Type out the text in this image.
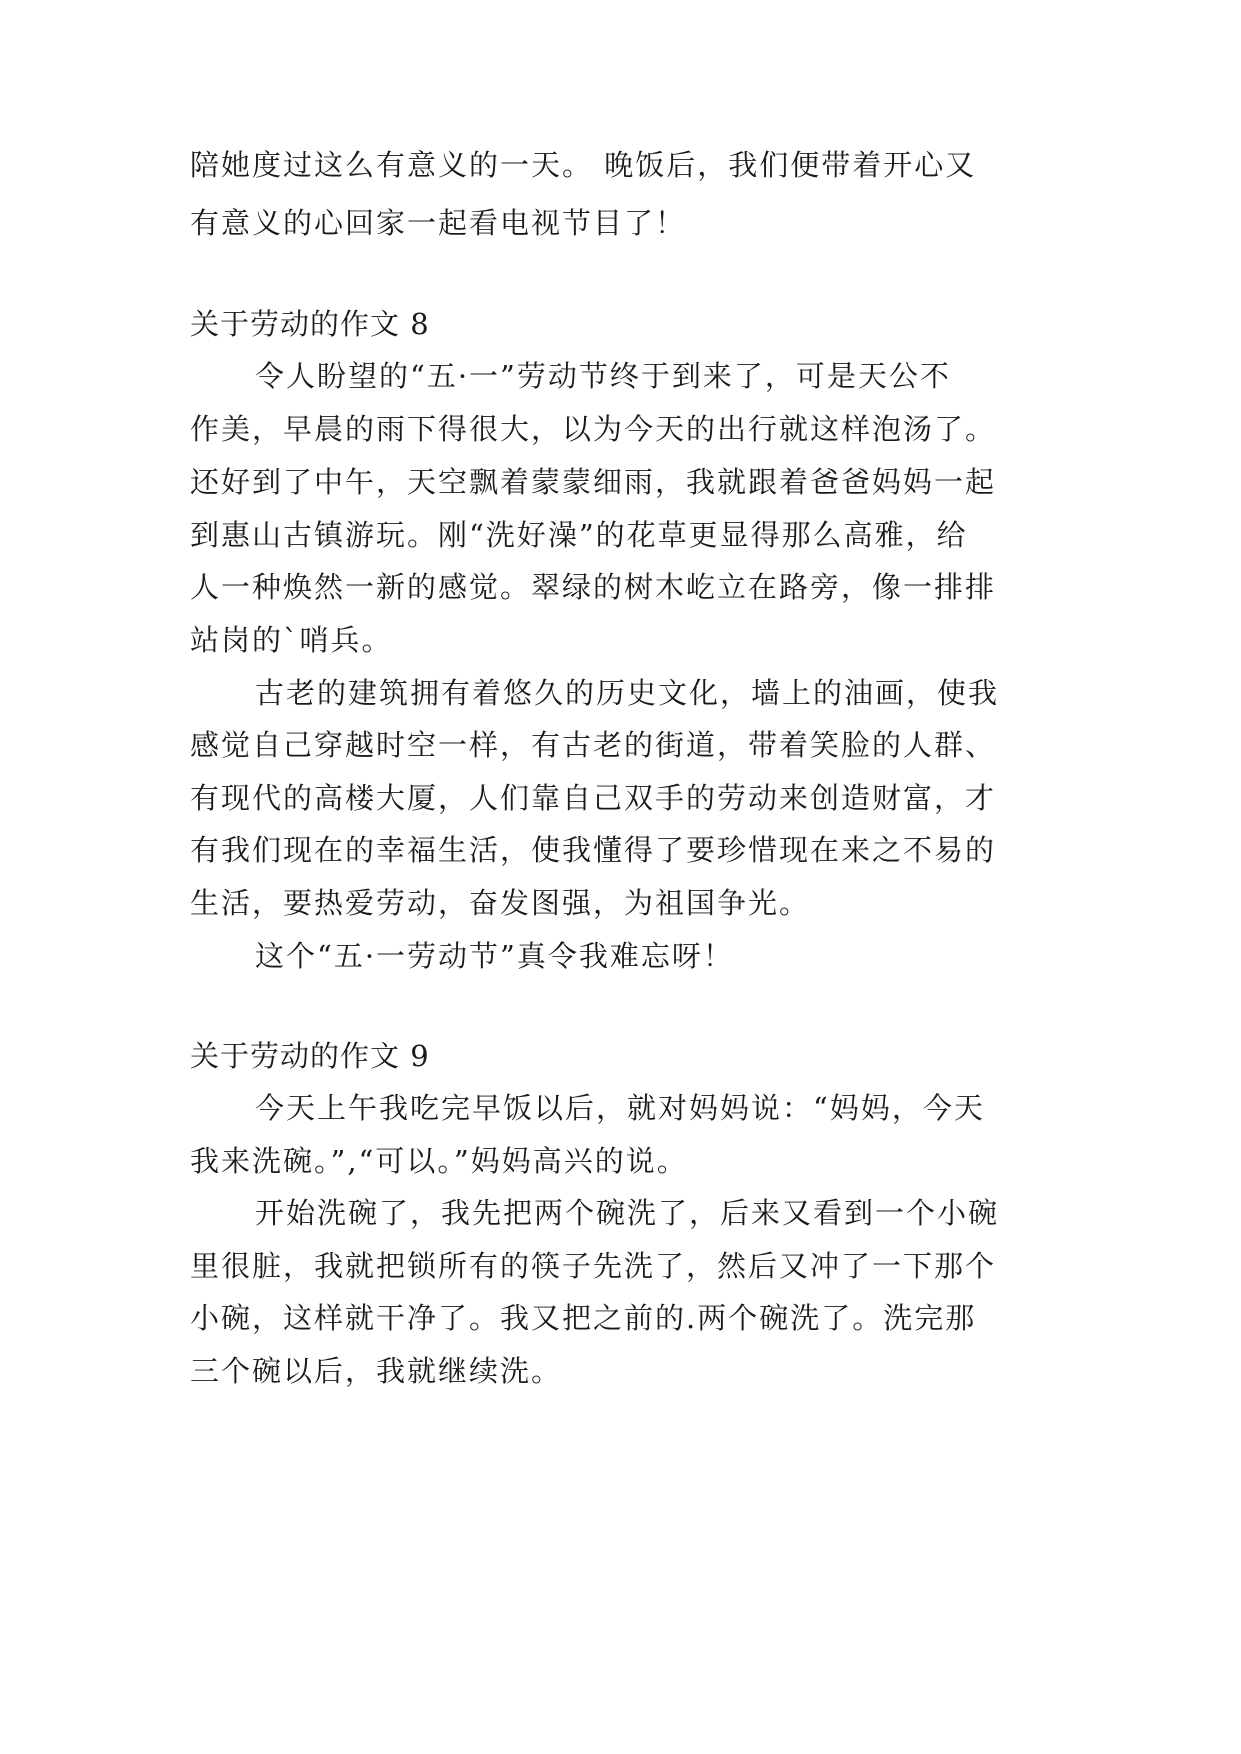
陪她度过这么有意义的一天。 晚饭后，我们便带着开心又
有意义的心回家一起看电视节目了！
关于劳动的作文 8
令人盼望的“五·一”劳动节终于到来了，可是天公不
作美，早晨的雨下得很大，以为今天的出行就这样泡汤了。
还好到了中午，天空飘着蒙蒙细雨，我就跟着爸爸妈妈一起
到惠山古镇游玩。刚“洗好澡”的花草更显得那么高雅，给
人一种焕然一新的感觉。翠绿的树木屹立在路旁，像一排排
站岗的`哨兵。
古老的建筑拥有着悠久的历史文化，墙上的油画，使我
感觉自己穿越时空一样，有古老的街道，带着笑脸的人群、
有现代的高楼大厦，人们靠自己双手的劳动来创造财富，才
有我们现在的幸福生活，使我懂得了要珍惜现在来之不易的
生活，要热爱劳动，奋发图强，为祖国争光。
这个“五·一劳动节”真令我难忘呀！
关于劳动的作文 9
今天上午我吃完早饭以后，就对妈妈说：“妈妈，今天
我来洗碗。”,“可以。”妈妈高兴的说。
开始洗碗了，我先把两个碗洗了，后来又看到一个小碗
里很脏，我就把锁所有的筷子先洗了，然后又冲了一下那个
小碗，这样就干净了。我又把之前的.两个碗洗了。洗完那
三个碗以后，我就继续洗。
